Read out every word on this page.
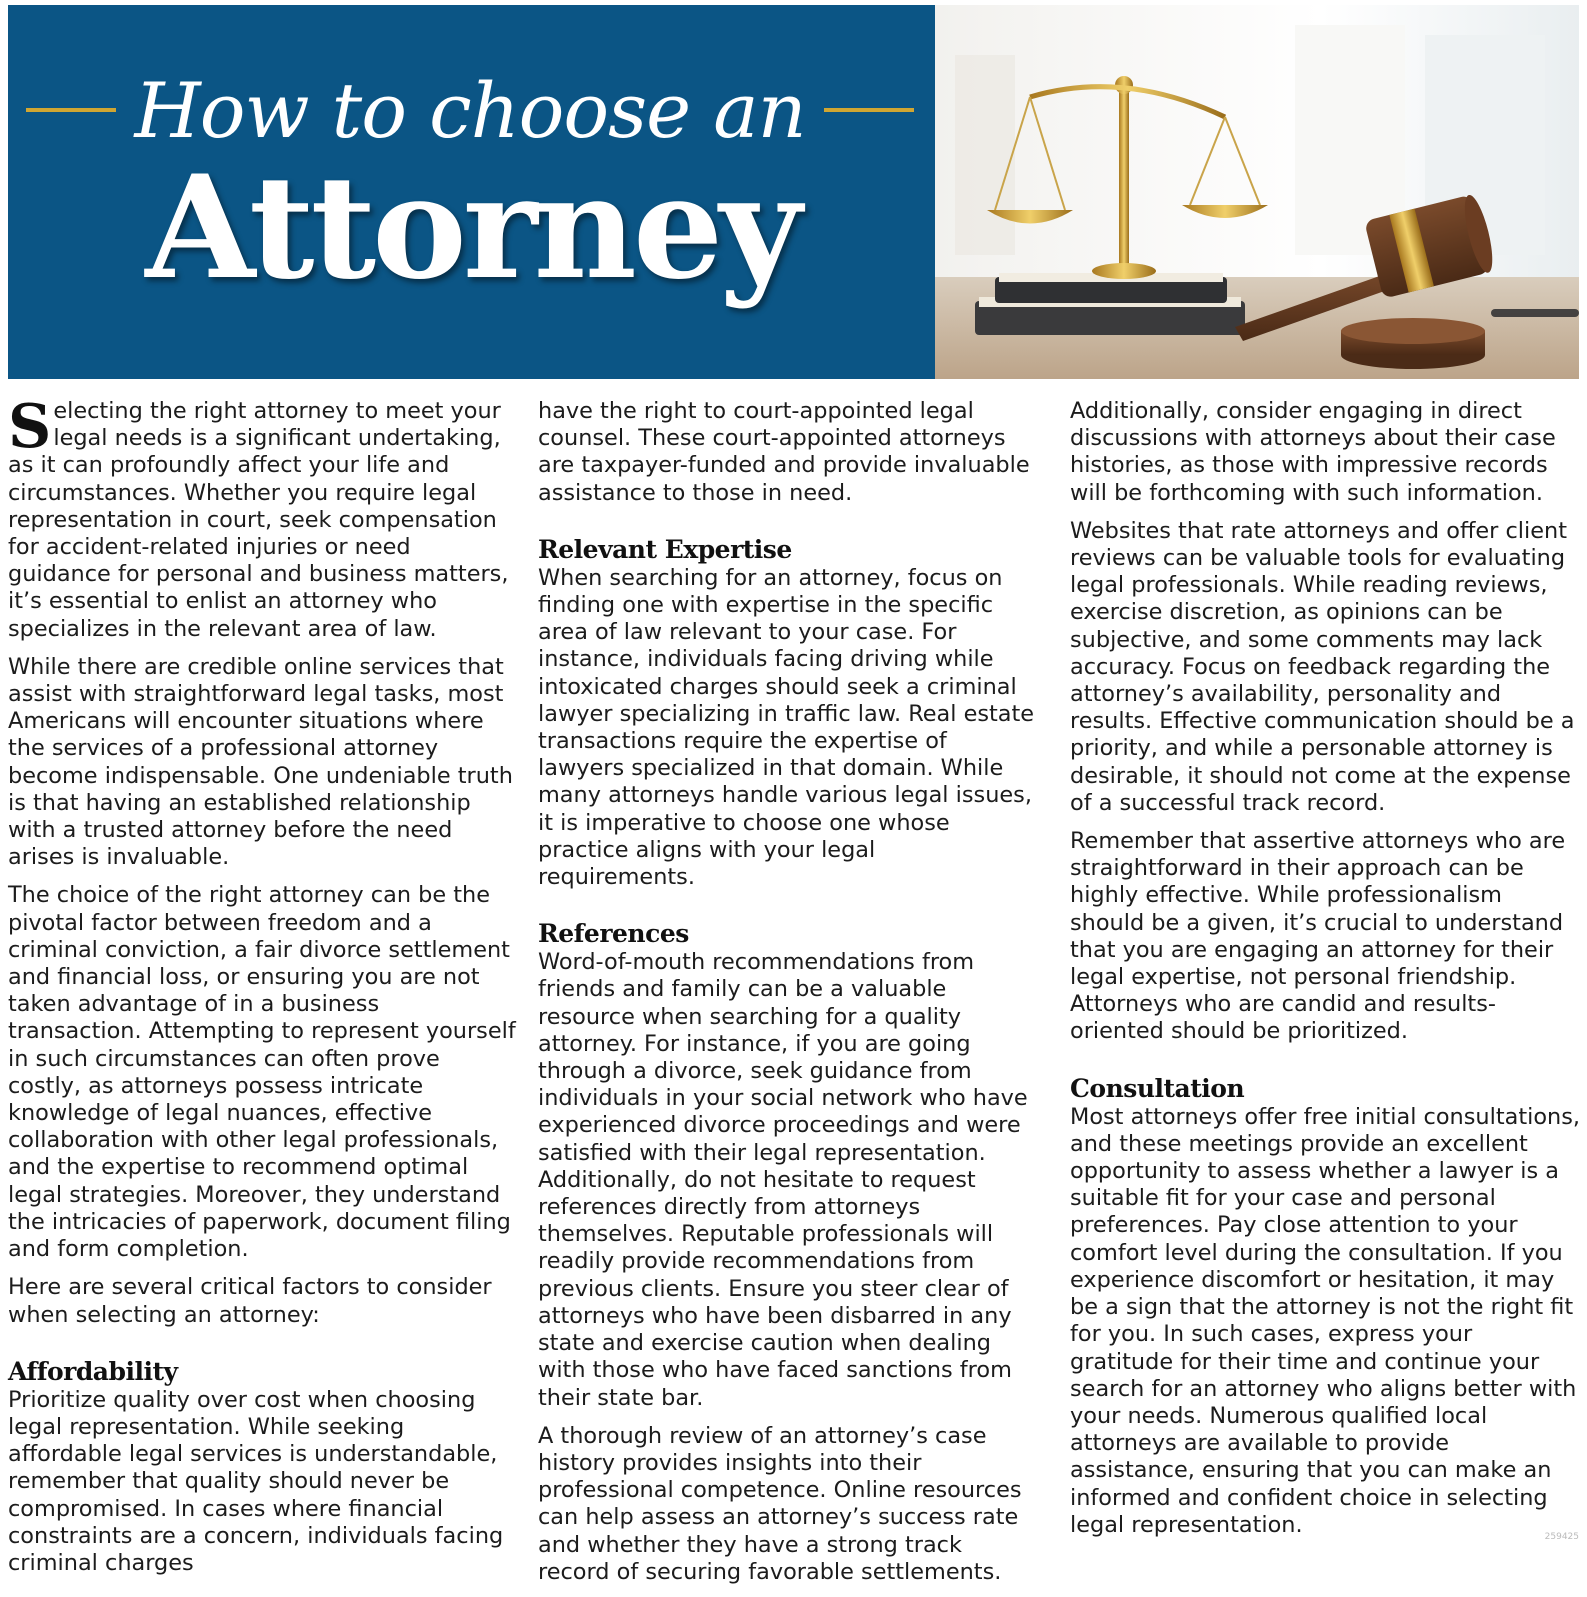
How to choose an
Attorney

Selecting the right attorney to meet your legal needs is a significant undertaking, as it can profoundly affect your life and circumstances. Whether you require legal representation in court, seek compensation for accident-related injuries or need guidance for personal and business matters, it’s essential to enlist an attorney who specializes in the relevant area of law.

While there are credible online services that assist with straightforward legal tasks, most Americans will encounter situations where the services of a professional attorney become indispensable. One undeniable truth is that having an established relationship with a trusted attorney before the need arises is invaluable.

The choice of the right attorney can be the pivotal factor between freedom and a criminal conviction, a fair divorce settlement and financial loss, or ensuring you are not taken advantage of in a business transaction. Attempting to represent yourself in such circumstances can often prove costly, as attorneys possess intricate knowledge of legal nuances, effective collaboration with other legal professionals, and the expertise to recommend optimal legal strategies. Moreover, they understand the intricacies of paperwork, document filing and form completion.

Here are several critical factors to consider when selecting an attorney:

Affordability

Prioritize quality over cost when choosing legal representation. While seeking affordable legal services is understandable, remember that quality should never be compromised. In cases where financial constraints are a concern, individuals facing criminal charges

have the right to court-appointed legal counsel. These court-appointed attorneys are taxpayer-funded and provide invaluable assistance to those in need.

Relevant Expertise

When searching for an attorney, focus on finding one with expertise in the specific area of law relevant to your case. For instance, individuals facing driving while intoxicated charges should seek a criminal lawyer specializing in traffic law. Real estate transactions require the expertise of lawyers specialized in that domain. While many attorneys handle various legal issues, it is imperative to choose one whose practice aligns with your legal requirements.

References

Word-of-mouth recommendations from friends and family can be a valuable resource when searching for a quality attorney. For instance, if you are going through a divorce, seek guidance from individuals in your social network who have experienced divorce proceedings and were satisfied with their legal representation. Additionally, do not hesitate to request references directly from attorneys themselves. Reputable professionals will readily provide recommendations from previous clients. Ensure you steer clear of attorneys who have been disbarred in any state and exercise caution when dealing with those who have faced sanctions from their state bar.

A thorough review of an attorney’s case history provides insights into their professional competence. Online resources can help assess an attorney’s success rate and whether they have a strong track record of securing favorable settlements.

Additionally, consider engaging in direct discussions with attorneys about their case histories, as those with impressive records will be forthcoming with such information.

Websites that rate attorneys and offer client reviews can be valuable tools for evaluating legal professionals. While reading reviews, exercise discretion, as opinions can be subjective, and some comments may lack accuracy. Focus on feedback regarding the attorney’s availability, personality and results. Effective communication should be a priority, and while a personable attorney is desirable, it should not come at the expense of a successful track record.

Remember that assertive attorneys who are straightforward in their approach can be highly effective. While professionalism should be a given, it’s crucial to understand that you are engaging an attorney for their legal expertise, not personal friendship. Attorneys who are candid and results-oriented should be prioritized.

Consultation

Most attorneys offer free initial consultations, and these meetings provide an excellent opportunity to assess whether a lawyer is a suitable fit for your case and personal preferences. Pay close attention to your comfort level during the consultation. If you experience discomfort or hesitation, it may be a sign that the attorney is not the right fit for you. In such cases, express your gratitude for their time and continue your search for an attorney who aligns better with your needs. Numerous qualified local attorneys are available to provide assistance, ensuring that you can make an informed and confident choice in selecting legal representation.	259425
